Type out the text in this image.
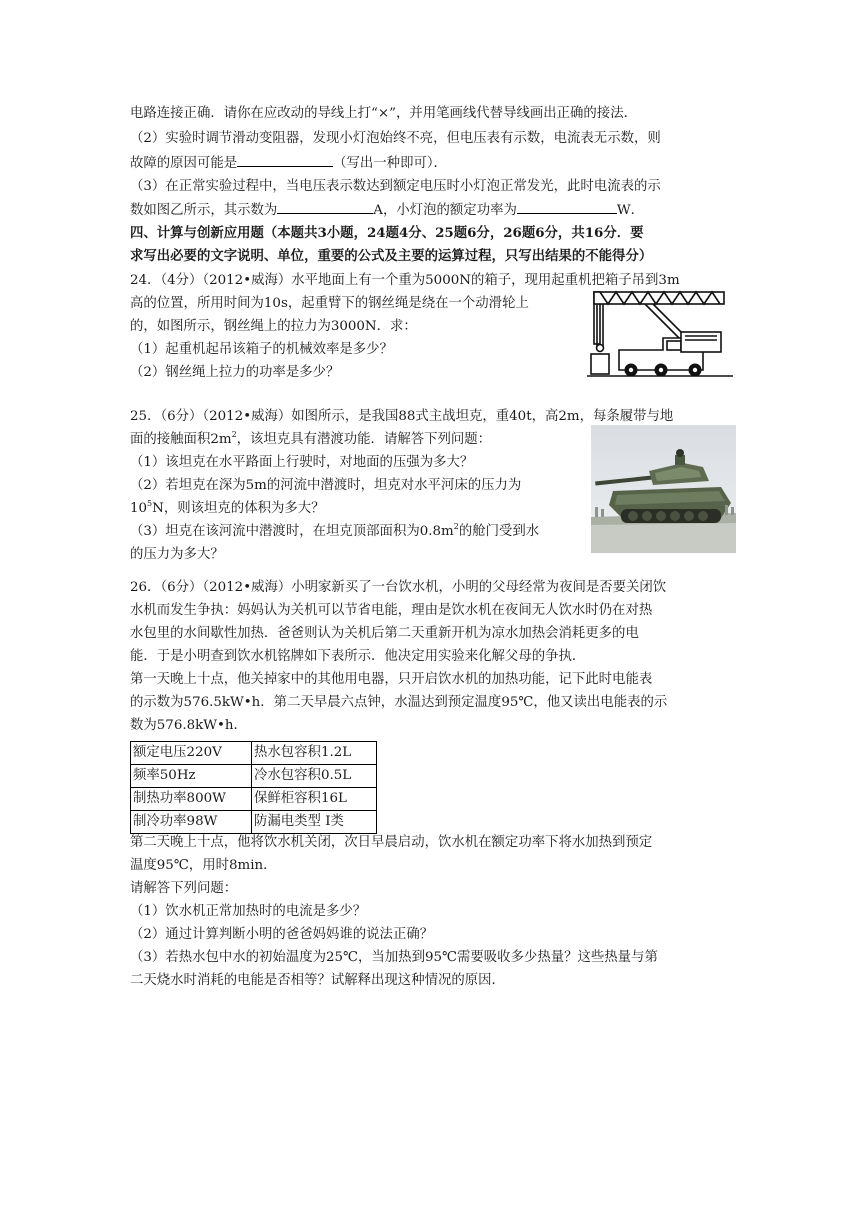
电路连接正确．请你在应改动的导线上打“×”，并用笔画线代替导线画出正确的接法．
（2）实验时调节滑动变阻器，发现小灯泡始终不亮，但电压表有示数，电流表无示数，则
故障的原因可能是	（写出一种即可）．
（3）在正常实验过程中，当电压表示数达到额定电压时小灯泡正常发光，此时电流表的示
数如图乙所示，其示数为	A，小灯泡的额定功率为	W．
四、计算与创新应用题（本题共3小题，24题4分、25题6分，26题6分，共16分．要
求写出必要的文字说明、单位，重要的公式及主要的运算过程，只写出结果的不能得分）
24．（4分）（2012•威海）水平地面上有一个重为5000N的箱子，现用起重机把箱子吊到3m
高的位置，所用时间为10s，起重臂下的钢丝绳是绕在一个动滑轮上
的，如图所示，钢丝绳上的拉力为3000N．求：
（1）起重机起吊该箱子的机械效率是多少？
（2）钢丝绳上拉力的功率是多少？
25．（6分）（2012•威海）如图所示，是我国88式主战坦克，重40t，高2m，每条履带与地
面的接触面积$2m^2$，该坦克具有潜渡功能．请解答下列问题：
（1）该坦克在水平路面上行驶时，对地面的压强为多大？
（2）若坦克在深为5m的河流中潜渡时，坦克对水平河床的压力为
$10^5N$，则该坦克的体积为多大？
（3）坦克在该河流中潜渡时，在坦克顶部面积为$0.8m^2$的舱门受到水
的压力为多大？
26．（6分）（2012•威海）小明家新买了一台饮水机，小明的父母经常为夜间是否要关闭饮
水机而发生争执：妈妈认为关机可以节省电能，理由是饮水机在夜间无人饮水时仍在对热
水包里的水间歇性加热．爸爸则认为关机后第二天重新开机为凉水加热会消耗更多的电
能．于是小明查到饮水机铭牌如下表所示．他决定用实验来化解父母的争执．
第一天晚上十点，他关掉家中的其他用电器，只开启饮水机的加热功能，记下此时电能表
的示数为576.5kW•h．第二天早晨六点钟，水温达到预定温度95℃，他又读出电能表的示
额定电压220V	热水包容积1.2L
频率50Hz	冷水包容积0.5L
制热功率800W	保鲜柜容积16L
制冷功率98W	防漏电类型 I类
数为576.8kW•h．
第二天晚上十点，他将饮水机关闭，次日早晨启动，饮水机在额定功率下将水加热到预定
温度95℃，用时8min．
请解答下列问题：
（1）饮水机正常加热时的电流是多少？
（2）通过计算判断小明的爸爸妈妈谁的说法正确？
（3）若热水包中水的初始温度为25℃，当加热到95℃需要吸收多少热量？这些热量与第
二天烧水时消耗的电能是否相等？试解释出现这种情况的原因．
